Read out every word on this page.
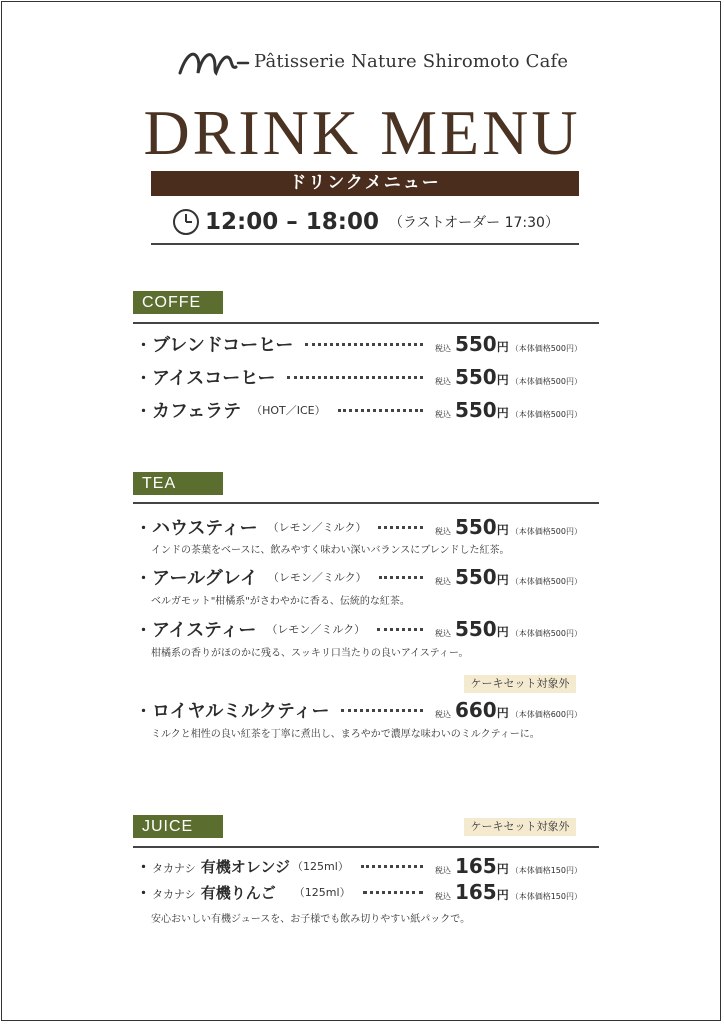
Pâtisserie Nature Shiromoto Cafe
DRINK MENU
ドリンクメニュー
12:00 – 18:00 （ラストオーダー 17:30）
COFFE
・ ブレンドコーヒー	税込 550 円 （本体価格500円）
・ アイスコーヒー	税込 550 円 （本体価格500円）
・ カフェラテ （HOT／ICE）	税込 550 円 （本体価格500円）
TEA
・ ハウスティー （レモン／ミルク）	税込 550 円 （本体価格500円）
インドの茶葉をベースに、飲みやすく味わい深いバランスにブレンドした紅茶。
・ アールグレイ （レモン／ミルク）	税込 550 円 （本体価格500円）
ベルガモット"柑橘系"がさわやかに香る、伝統的な紅茶。
・ アイスティー （レモン／ミルク）	税込 550 円 （本体価格500円）
柑橘系の香りがほのかに残る、スッキリ口当たりの良いアイスティー。
ケーキセット対象外
・ ロイヤルミルクティー	税込 660 円 （本体価格600円）
ミルクと相性の良い紅茶を丁寧に煮出し、まろやかで濃厚な味わいのミルクティーに。
JUICE	ケーキセット対象外
・ タカナシ 有機オレンジ （125ml）	税込 165 円 （本体価格150円）
・ タカナシ 有機りんご （125ml）	税込 165 円 （本体価格150円）
安心おいしい有機ジュースを、お子様でも飲み切りやすい紙パックで。
